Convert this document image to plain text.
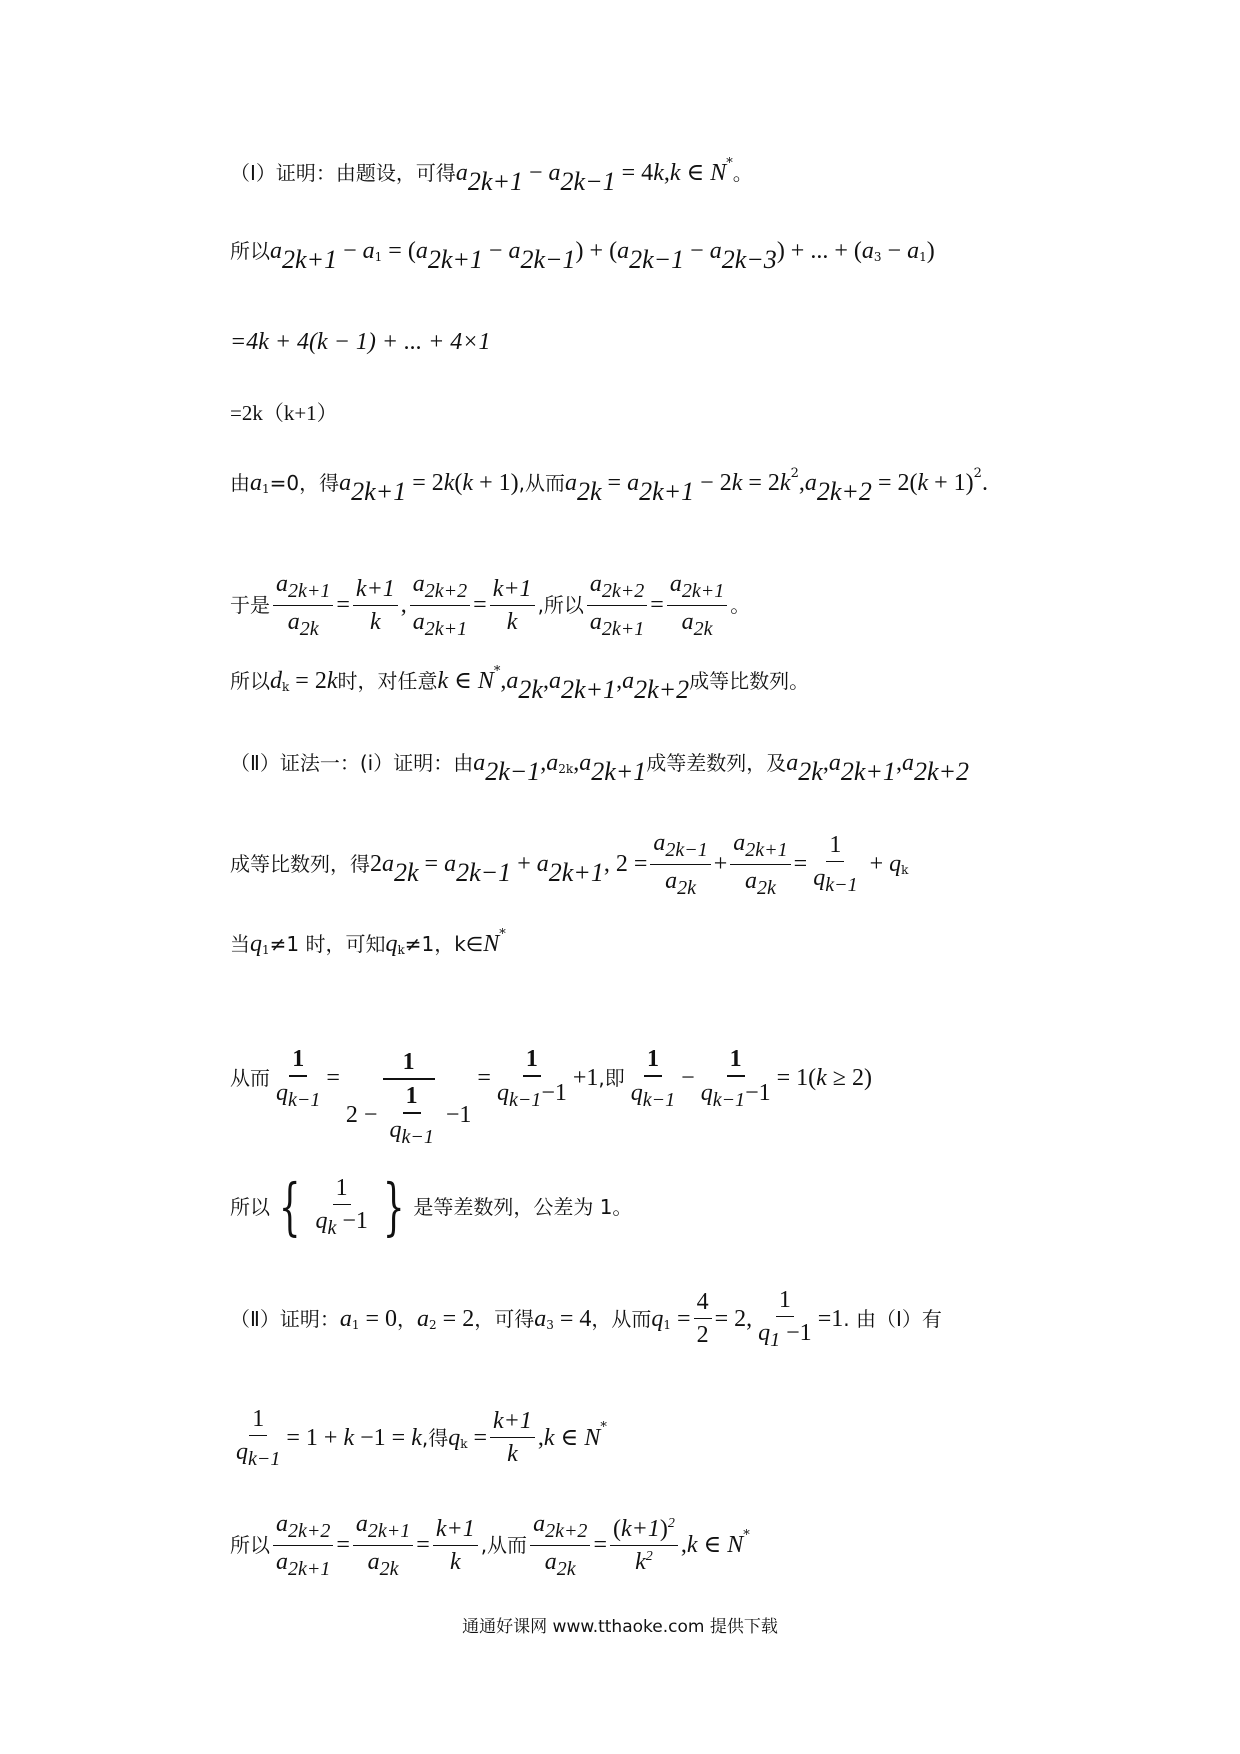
（Ⅰ）证明：由题设，可得 a 2k+1 − a 2k−1 = 4 k , k ∈ N * 。
所以 a 2k+1 − a 1 = ( a 2k+1 − a 2k−1 ) + ( a 2k−1 − a 2k−3 ) + ... + ( a 3 − a 1 )
=4k + 4(k − 1) + ... + 4×1
=2k（k+1）
由 a 1 =0，得 a 2k+1 = 2 k ( k + 1) ,从而 a 2k = a 2k+1 − 2 k = 2 k 2 , a 2k+2 = 2( k + 1) 2 .
于是 $\frac{a_{2k+1}}{a_{2k}} = \frac{k+1}{k}$ , $\frac{a_{2k+2}}{a_{2k+1}} = \frac{k+1}{k}$ ,所以 $\frac{a_{2k+2}}{a_{2k+1}} = \frac{a_{2k+1}}{a_{2k}}$ 。
所以 d k = 2 k 时，对任意 k ∈ N * , a 2k , a 2k+1 , a 2k+2 成等比数列。
（Ⅱ）证法一：(i）证明：由 a 2k−1 , a 2k , a 2k+1 成等差数列，及 a 2k , a 2k+1 , a 2k+2
成等比数列，得 2 a 2k = a 2k−1 + a 2k+1 , $2 = \frac{a_{2k-1}}{a_{2k}} + \frac{a_{2k+1}}{a_{2k}} = \frac{1}{q_{k-1}} + q$ k
当 q 1 ≠1 时，可知 q k ≠1，k∈ N *
从而 $\frac{1}{q_{k-1}} = \frac{1}{2 - \frac{1}{q_{k-1}} -1} = \frac{1}{q_{k-1}-1} +1$ ,即 $\frac{1}{q_{k-1}} - \frac{1}{q_{k-1}-1} = 1$( k ≥ 2)
所以 { $\frac{1}{q_k -1}$ } 是等差数列，公差为 1。
（Ⅱ）证明： a 1 = 0 ， a 2 = 2 ，可得 a 3 = 4 ，从而 q $1 = \frac{4}{2} = 2$, $\frac{1}{q_1 -1} =1$ . 由（Ⅰ）有
$\frac{1}{q_{k-1}} = 1 + k -1 = k$ ,得 q $k = \frac{k+1}{k}$ , k ∈ N *
所以 $\frac{a_{2k+2}}{a_{2k+1}} = \frac{a_{2k+1}}{a_{2k}} = \frac{k+1}{k}$ ,从而 $\frac{a_{2k+2}}{a_{2k}} = \frac{(k+1)^2}{k^2}$ , k ∈ N *
通通好课网 www.tthaoke.com 提供下载
